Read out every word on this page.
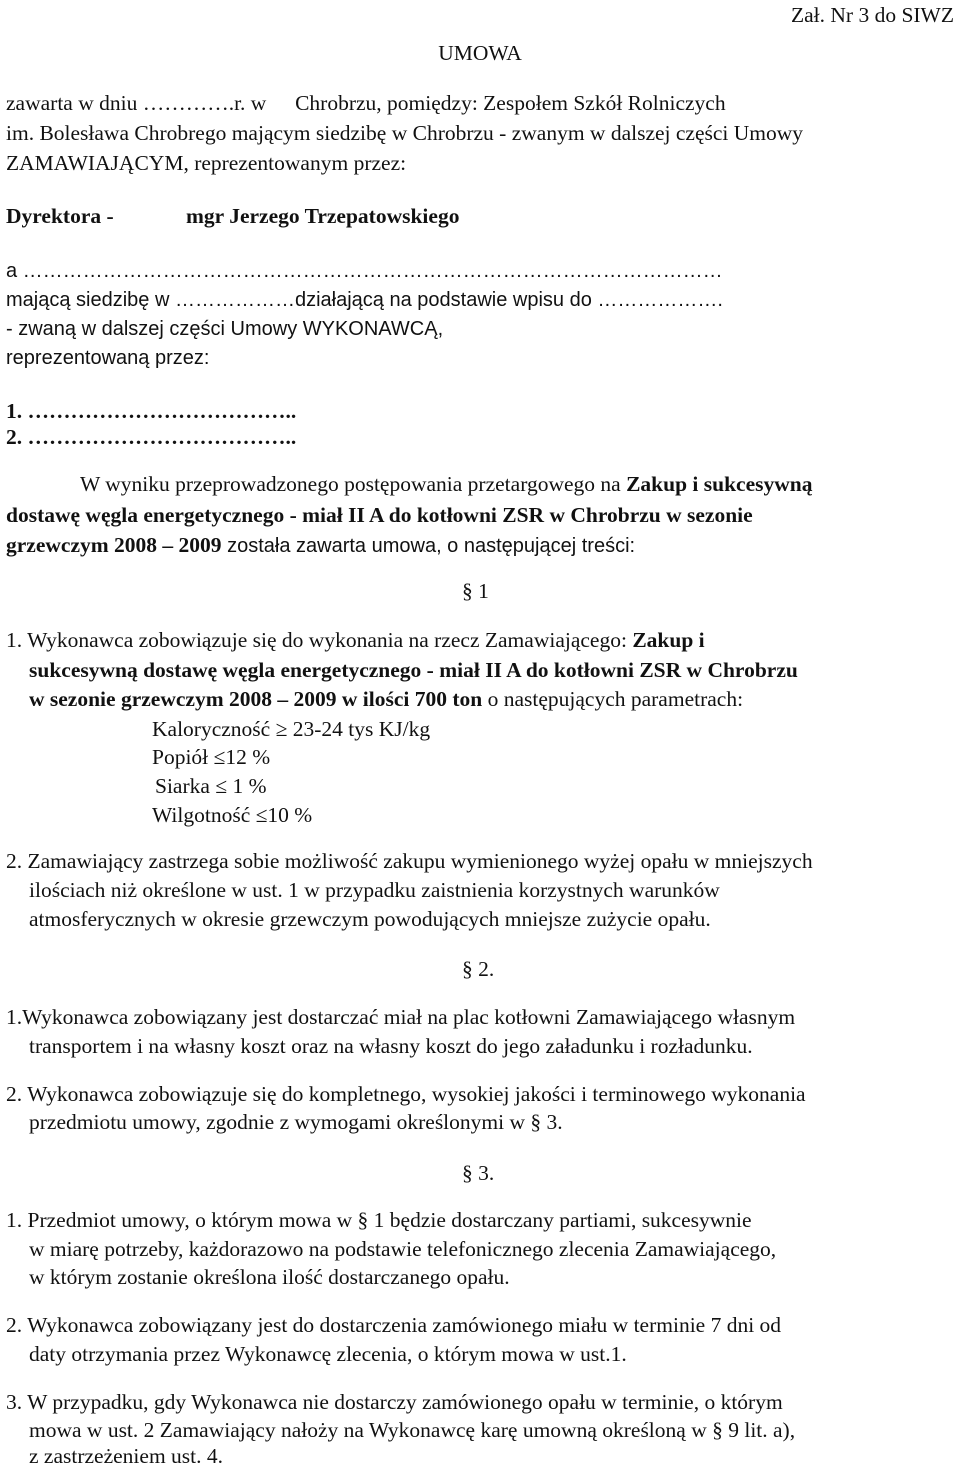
Zał. Nr 3 do SIWZ

UMOWA

zawarta w dniu ………….r. w Chrobrzu, pomiędzy: Zespołem Szkół Rolniczych

im. Bolesława Chrobrego mającym siedzibę w Chrobrzu - zwanym w dalszej części Umowy

ZAMAWIAJĄCYM, reprezentowanym przez:

Dyrektora -	mgr Jerzego Trzepatowskiego

a ……………………………………………………………………………………………

mającą siedzibę w ………………działającą na podstawie wpisu do ……………….

- zwaną w dalszej części Umowy WYKONAWCĄ,

reprezentowaną przez:

1. ………………………………..

2. ………………………………..

W wyniku przeprowadzonego postępowania przetargowego na Zakup i sukcesywną

dostawę węgla energetycznego - miał II A do kotłowni ZSR w Chrobrzu w sezonie

grzewczym 2008 – 2009 została zawarta umowa, o następującej treści:

§ 1

1. Wykonawca zobowiązuje się do wykonania na rzecz Zamawiającego: Zakup i

sukcesywną dostawę węgla energetycznego - miał II A do kotłowni ZSR w Chrobrzu

w sezonie grzewczym 2008 – 2009 w ilości 700 ton o następujących parametrach:

Kaloryczność ≥ 23-24 tys KJ/kg

Popiół ≤12 %

Siarka ≤ 1 %

Wilgotność ≤10 %

2. Zamawiający zastrzega sobie możliwość zakupu wymienionego wyżej opału w mniejszych

ilościach niż określone w ust. 1 w przypadku zaistnienia korzystnych warunków

atmosferycznych w okresie grzewczym powodujących mniejsze zużycie opału.

§ 2.

1.Wykonawca zobowiązany jest dostarczać miał na plac kotłowni Zamawiającego własnym

transportem i na własny koszt oraz na własny koszt do jego załadunku i rozładunku.

2. Wykonawca zobowiązuje się do kompletnego, wysokiej jakości i terminowego wykonania

przedmiotu umowy, zgodnie z wymogami określonymi w § 3.

§ 3.

1. Przedmiot umowy, o którym mowa w § 1 będzie dostarczany partiami, sukcesywnie

w miarę potrzeby, każdorazowo na podstawie telefonicznego zlecenia Zamawiającego,

w którym zostanie określona ilość dostarczanego opału.

2. Wykonawca zobowiązany jest do dostarczenia zamówionego miału w terminie 7 dni od

daty otrzymania przez Wykonawcę zlecenia, o którym mowa w ust.1.

3. W przypadku, gdy Wykonawca nie dostarczy zamówionego opału w terminie, o którym

mowa w ust. 2 Zamawiający nałoży na Wykonawcę karę umowną określoną w § 9 lit. a),

z zastrzeżeniem ust. 4.
